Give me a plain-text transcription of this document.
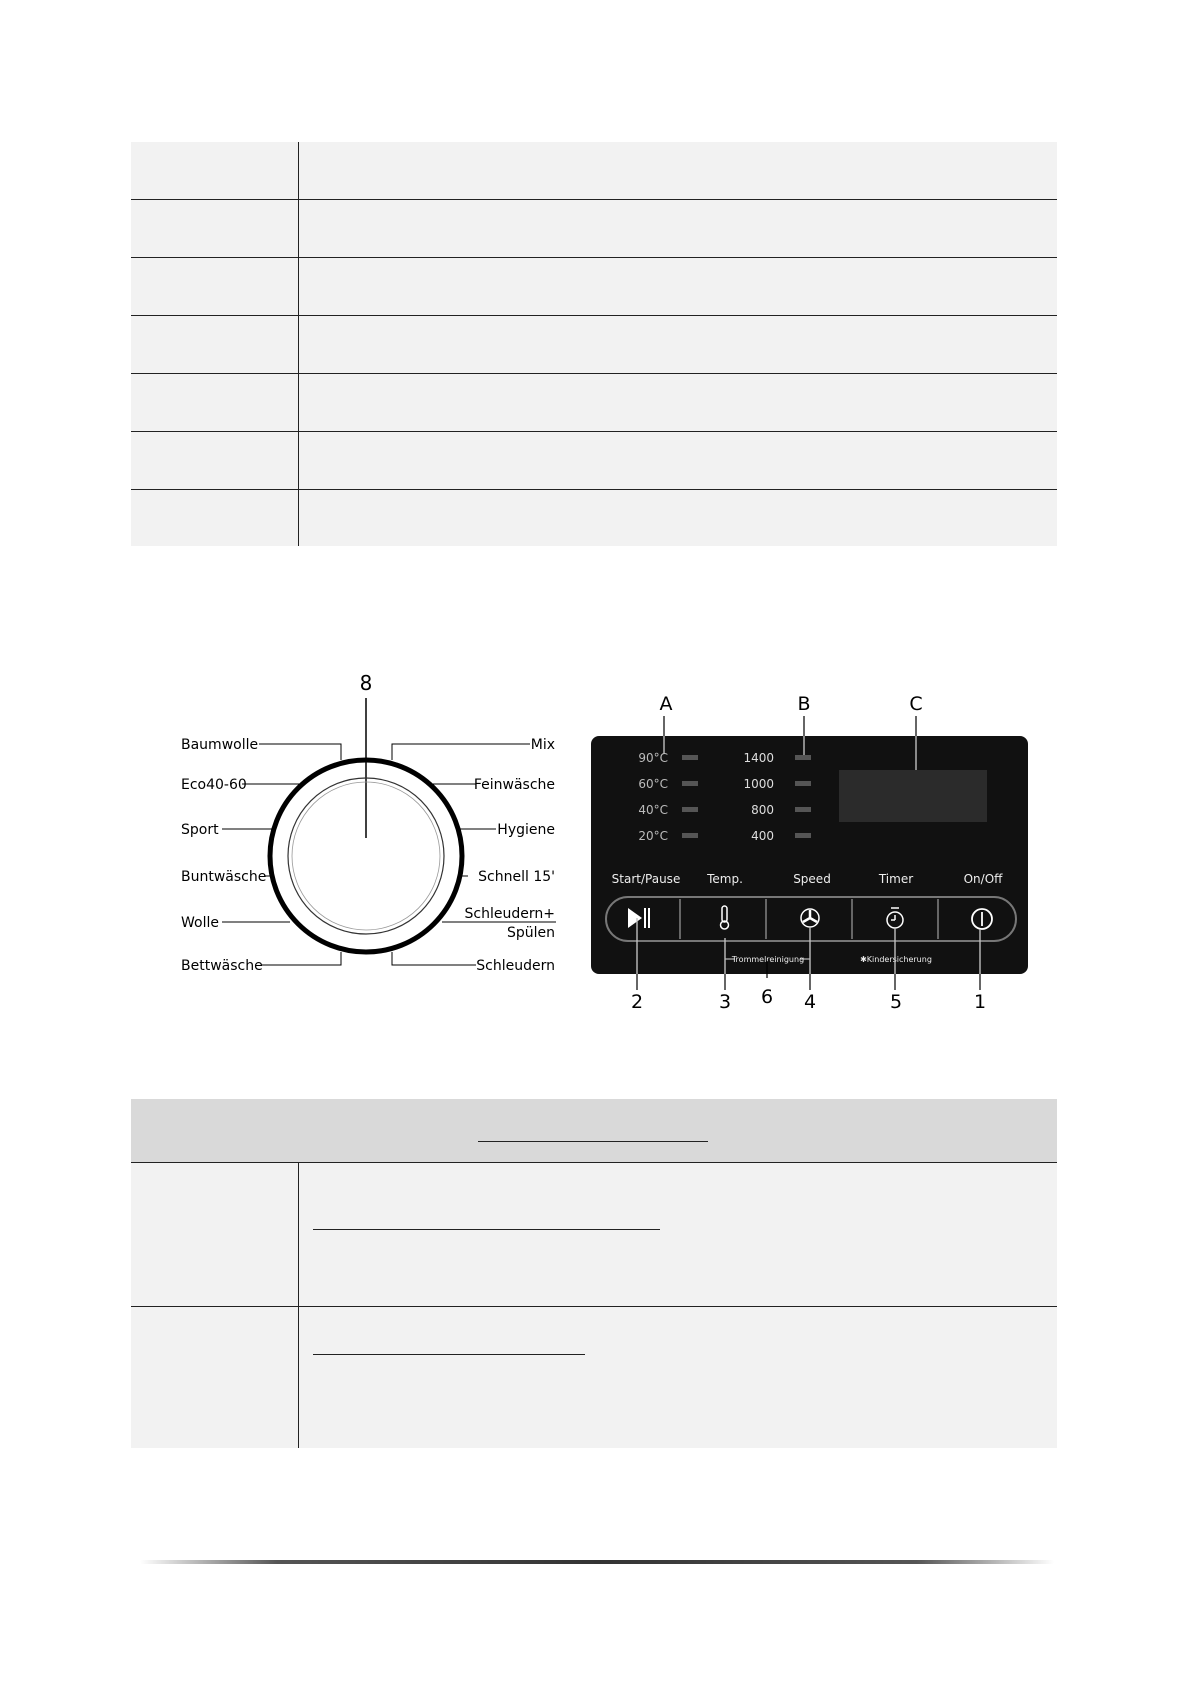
8
Baumwolle
Eco40-60
Sport
Buntwäsche
Wolle
Bettwäsche
Mix
Feinwäsche
Hygiene
Schnell 15'
Schleudern+
Spülen
Schleudern
A	B	C
90°C
60°C
40°C
20°C
1400
1000
800
400
Start/Pause Temp.	Speed	Timer	On/Off
Trommelreinigung	✱Kindersicherung
2	3 6 4	5	1
